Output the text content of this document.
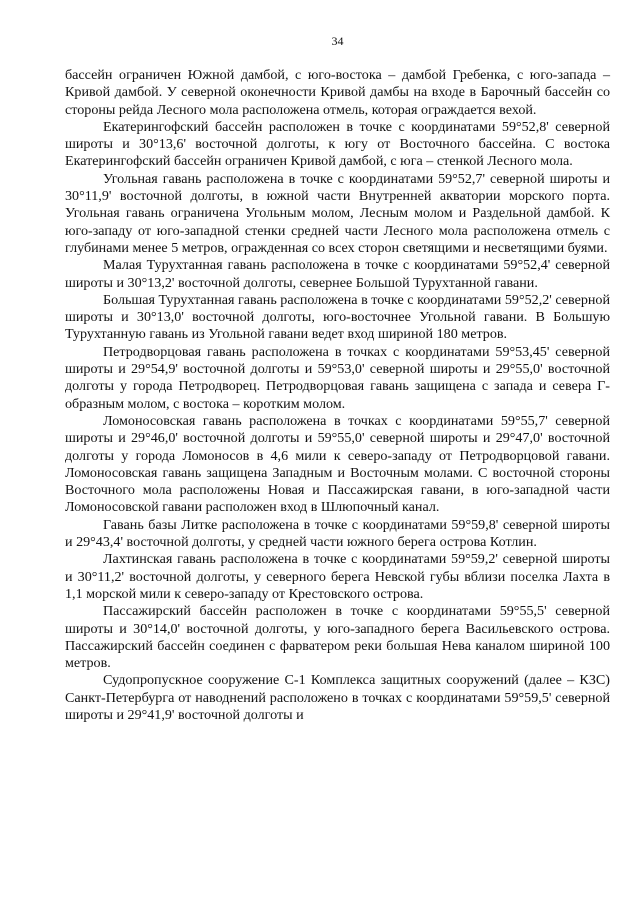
34

бассейн ограничен Южной дамбой, с юго-востока – дамбой Гребенка, с юго-запада – Кривой дамбой. У северной оконечности Кривой дамбы на входе в Барочный бассейн со стороны рейда Лесного мола расположена отмель, которая ограждается вехой.

Екатерингофский бассейн расположен в точке с координатами 59°52,8' северной широты и 30°13,6' восточной долготы, к югу от Восточного бассейна. С востока Екатерингофский бассейн ограничен Кривой дамбой, с юга – стенкой Лесного мола.

Угольная гавань расположена в точке с координатами 59°52,7' северной широты и 30°11,9' восточной долготы, в южной части Внутренней акватории морского порта. Угольная гавань ограничена Угольным молом, Лесным молом и Раздельной дамбой. К юго-западу от юго-западной стенки средней части Лесного мола расположена отмель с глубинами менее 5 метров, огражденная со всех сторон светящими и несветящими буями.

Малая Турухтанная гавань расположена в точке с координатами 59°52,4' северной широты и 30°13,2' восточной долготы, севернее Большой Турухтанной гавани.

Большая Турухтанная гавань расположена в точке с координатами 59°52,2' северной широты и 30°13,0' восточной долготы, юго-восточнее Угольной гавани. В Большую Турухтанную гавань из Угольной гавани ведет вход шириной 180 метров.

Петродворцовая гавань расположена в точках с координатами 59°53,45' северной широты и 29°54,9' восточной долготы и 59°53,0' северной широты и 29°55,0' восточной долготы у города Петродворец. Петродворцовая гавань защищена с запада и севера Г-образным молом, с востока – коротким молом.

Ломоносовская гавань расположена в точках с координатами 59°55,7' северной широты и 29°46,0' восточной долготы и 59°55,0' северной широты и 29°47,0' восточной долготы у города Ломоносов в 4,6 мили к северо-западу от Петродворцовой гавани. Ломоносовская гавань защищена Западным и Восточным молами. С восточной стороны Восточного мола расположены Новая и Пассажирская гавани, в юго-западной части Ломоносовской гавани расположен вход в Шлюпочный канал.

Гавань базы Литке расположена в точке с координатами 59°59,8' северной широты и 29°43,4' восточной долготы, у средней части южного берега острова Котлин.

Лахтинская гавань расположена в точке с координатами 59°59,2' северной широты и 30°11,2' восточной долготы, у северного берега Невской губы вблизи поселка Лахта в 1,1 морской мили к северо-западу от Крестовского острова.

Пассажирский бассейн расположен в точке с координатами 59°55,5' северной широты и 30°14,0' восточной долготы, у юго-западного берега Васильевского острова. Пассажирский бассейн соединен с фарватером реки большая Нева каналом шириной 100 метров.

Судопропускное сооружение С-1 Комплекса защитных сооружений (далее – КЗС) Санкт-Петербурга от наводнений расположено в точках с координатами 59°59,5' северной широты и 29°41,9' восточной долготы и
